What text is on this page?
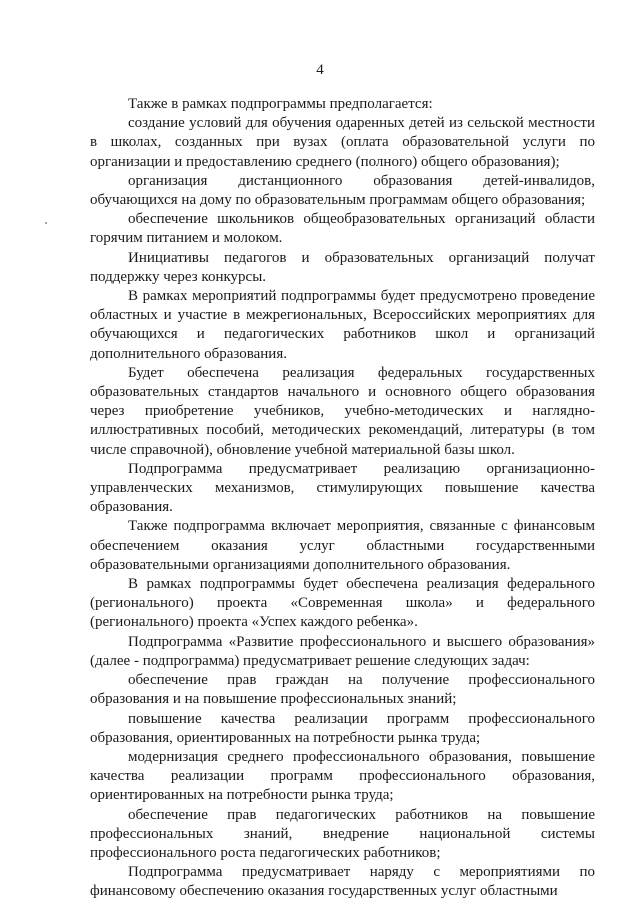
4

Также в рамках подпрограммы предполагается:

создание условий для обучения одаренных детей из сельской местности в школах, созданных при вузах (оплата образовательной услуги по организации и предоставлению среднего (полного) общего образования);

организация дистанционного образования детей-инвалидов, обучающихся на дому по образовательным программам общего образования;

обеспечение школьников общеобразовательных организаций области горячим питанием и молоком.

Инициативы педагогов и образовательных организаций получат поддержку через конкурсы.

В рамках мероприятий подпрограммы будет предусмотрено проведение областных и участие в межрегиональных, Всероссийских мероприятиях для обучающихся и педагогических работников школ и организаций дополнительного образования.

Будет обеспечена реализация федеральных государственных образовательных стандартов начального и основного общего образования через приобретение учебников, учебно-методических и наглядно-иллюстративных пособий, методических рекомендаций, литературы (в том числе справочной), обновление учебной материальной базы школ.

Подпрограмма предусматривает реализацию организационно-управленческих механизмов, стимулирующих повышение качества образования.

Также подпрограмма включает мероприятия, связанные с финансовым обеспечением оказания услуг областными государственными образовательными организациями дополнительного образования.

В рамках подпрограммы будет обеспечена реализация федерального (регионального) проекта «Современная школа» и федерального (регионального) проекта «Успех каждого ребенка».

Подпрограмма «Развитие профессионального и высшего образования» (далее - подпрограмма) предусматривает решение следующих задач:

обеспечение прав граждан на получение профессионального образования и на повышение профессиональных знаний;

повышение качества реализации программ профессионального образования, ориентированных на потребности рынка труда;

модернизация среднего профессионального образования, повышение качества реализации программ профессионального образования, ориентированных на потребности рынка труда;

обеспечение прав педагогических работников на повышение профессиональных знаний, внедрение национальной системы профессионального роста педагогических работников;

Подпрограмма предусматривает наряду с мероприятиями по финансовому обеспечению оказания государственных услуг областными
